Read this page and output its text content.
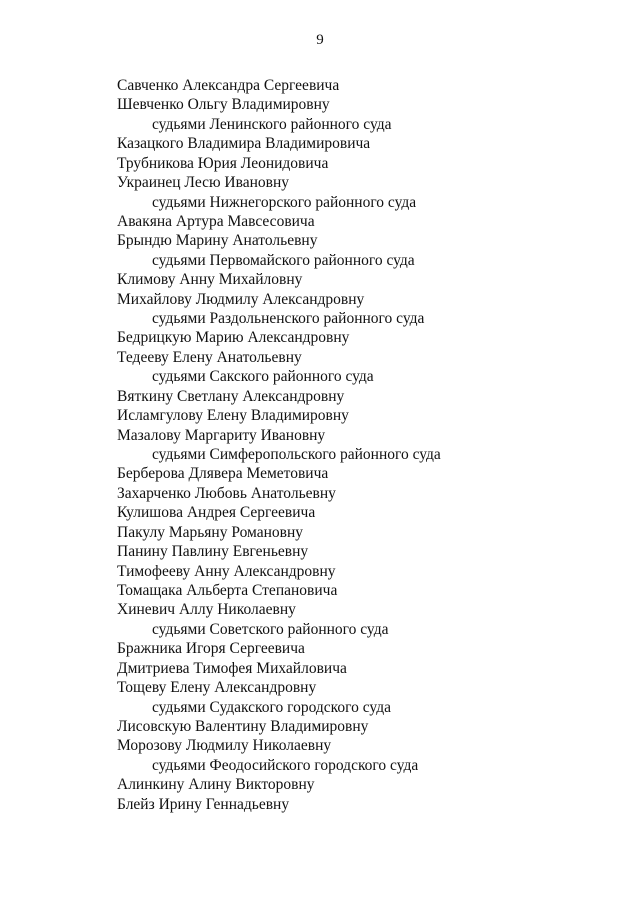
9
Савченко Александра Сергеевича
Шевченко Ольгу Владимировну
судьями Ленинского районного суда
Казацкого Владимира Владимировича
Трубникова Юрия Леонидовича
Украинец Лесю Ивановну
судьями Нижнегорского районного суда
Авакяна Артура Мавсесовича
Брындю Марину Анатольевну
судьями Первомайского районного суда
Климову Анну Михайловну
Михайлову Людмилу Александровну
судьями Раздольненского районного суда
Бедрицкую Марию Александровну
Тедееву Елену Анатольевну
судьями Сакского районного суда
Вяткину Светлану Александровну
Исламгулову Елену Владимировну
Мазалову Маргариту Ивановну
судьями Симферопольского районного суда
Берберова Длявера Меметовича
Захарченко Любовь Анатольевну
Кулишова Андрея Сергеевича
Пакулу Марьяну Романовну
Панину Павлину Евгеньевну
Тимофееву Анну Александровну
Томащака Альберта Степановича
Хиневич Аллу Николаевну
судьями Советского районного суда
Бражника Игоря Сергеевича
Дмитриева Тимофея Михайловича
Тощеву Елену Александровну
судьями Судакского городского суда
Лисовскую Валентину Владимировну
Морозову Людмилу Николаевну
судьями Феодосийского городского суда
Алинкину Алину Викторовну
Блейз Ирину Геннадьевну
